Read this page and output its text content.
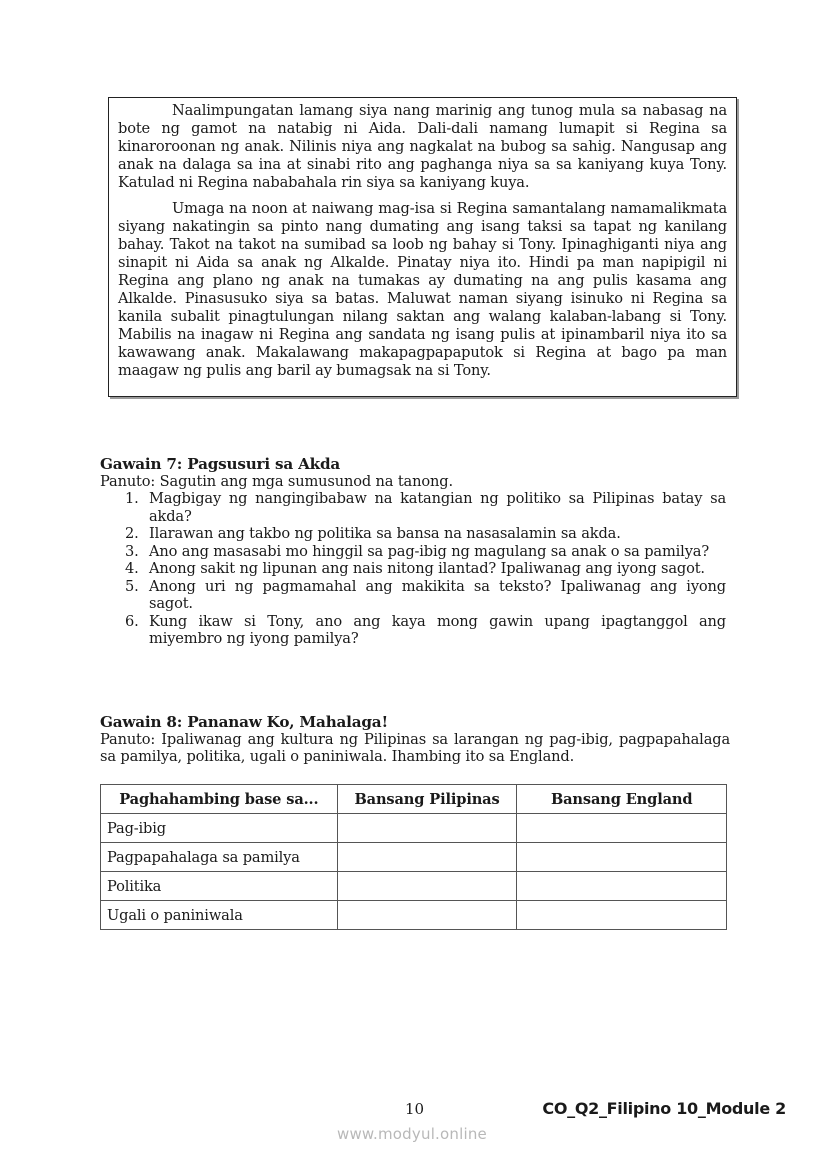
Naalimpungatan lamang siya nang marinig ang tunog mula sa nabasag na bote ng gamot na natabig ni Aida. Dali-dali namang lumapit si Regina sa kinaroroonan ng anak. Nilinis niya ang nagkalat na bubog sa sahig. Nangusap ang anak na dalaga sa ina at sinabi rito ang paghanga niya sa sa kaniyang kuya Tony. Katulad ni Regina nababahala rin siya sa kaniyang kuya.

Umaga na noon at naiwang mag-isa si Regina samantalang namamalikmata siyang nakatingin sa pinto nang dumating ang isang taksi sa tapat ng kanilang bahay. Takot na takot na sumibad sa loob ng bahay si Tony. Ipinaghiganti niya ang sinapit ni Aida sa anak ng Alkalde. Pinatay niya ito. Hindi pa man napipigil ni Regina ang plano ng anak na tumakas ay dumating na ang pulis kasama ang Alkalde. Pinasusuko siya sa batas. Maluwat naman siyang isinuko ni Regina sa kanila subalit pinagtulungan nilang saktan ang walang kalaban-labang si Tony. Mabilis na inagaw ni Regina ang sandata ng isang pulis at ipinambaril niya ito sa kawawang anak. Makalawang makapagpapaputok si Regina at bago pa man maagaw ng pulis ang baril ay bumagsak na si Tony.

Gawain 7: Pagsusuri sa Akda

Panuto: Sagutin ang mga sumusunod na tanong.

1. Magbigay ng nangingibabaw na katangian ng politiko sa Pilipinas batay sa akda?
2. Ilarawan ang takbo ng politika sa bansa na nasasalamin sa akda.
3. Ano ang masasabi mo hinggil sa pag-ibig ng magulang sa anak o sa pamilya?
4. Anong sakit ng lipunan ang nais nitong ilantad? Ipaliwanag ang iyong sagot.
5. Anong uri ng pagmamahal ang makikita sa teksto? Ipaliwanag ang iyong sagot.
6. Kung ikaw si Tony, ano ang kaya mong gawin upang ipagtanggol ang miyembro ng iyong pamilya?
Gawain 8: Pananaw Ko, Mahalaga!

Panuto: Ipaliwanag ang kultura ng Pilipinas sa larangan ng pag-ibig, pagpapahalaga sa pamilya, politika, ugali o paniniwala. Ihambing ito sa England.

Paghahambing base sa...	Bansang Pilipinas	Bansang England
Pag-ibig		
Pagpapahalaga sa pamilya		
Politika		
Ugali o paniniwala		
10	CO_Q2_Filipino 10_Module 2
www.modyul.online
